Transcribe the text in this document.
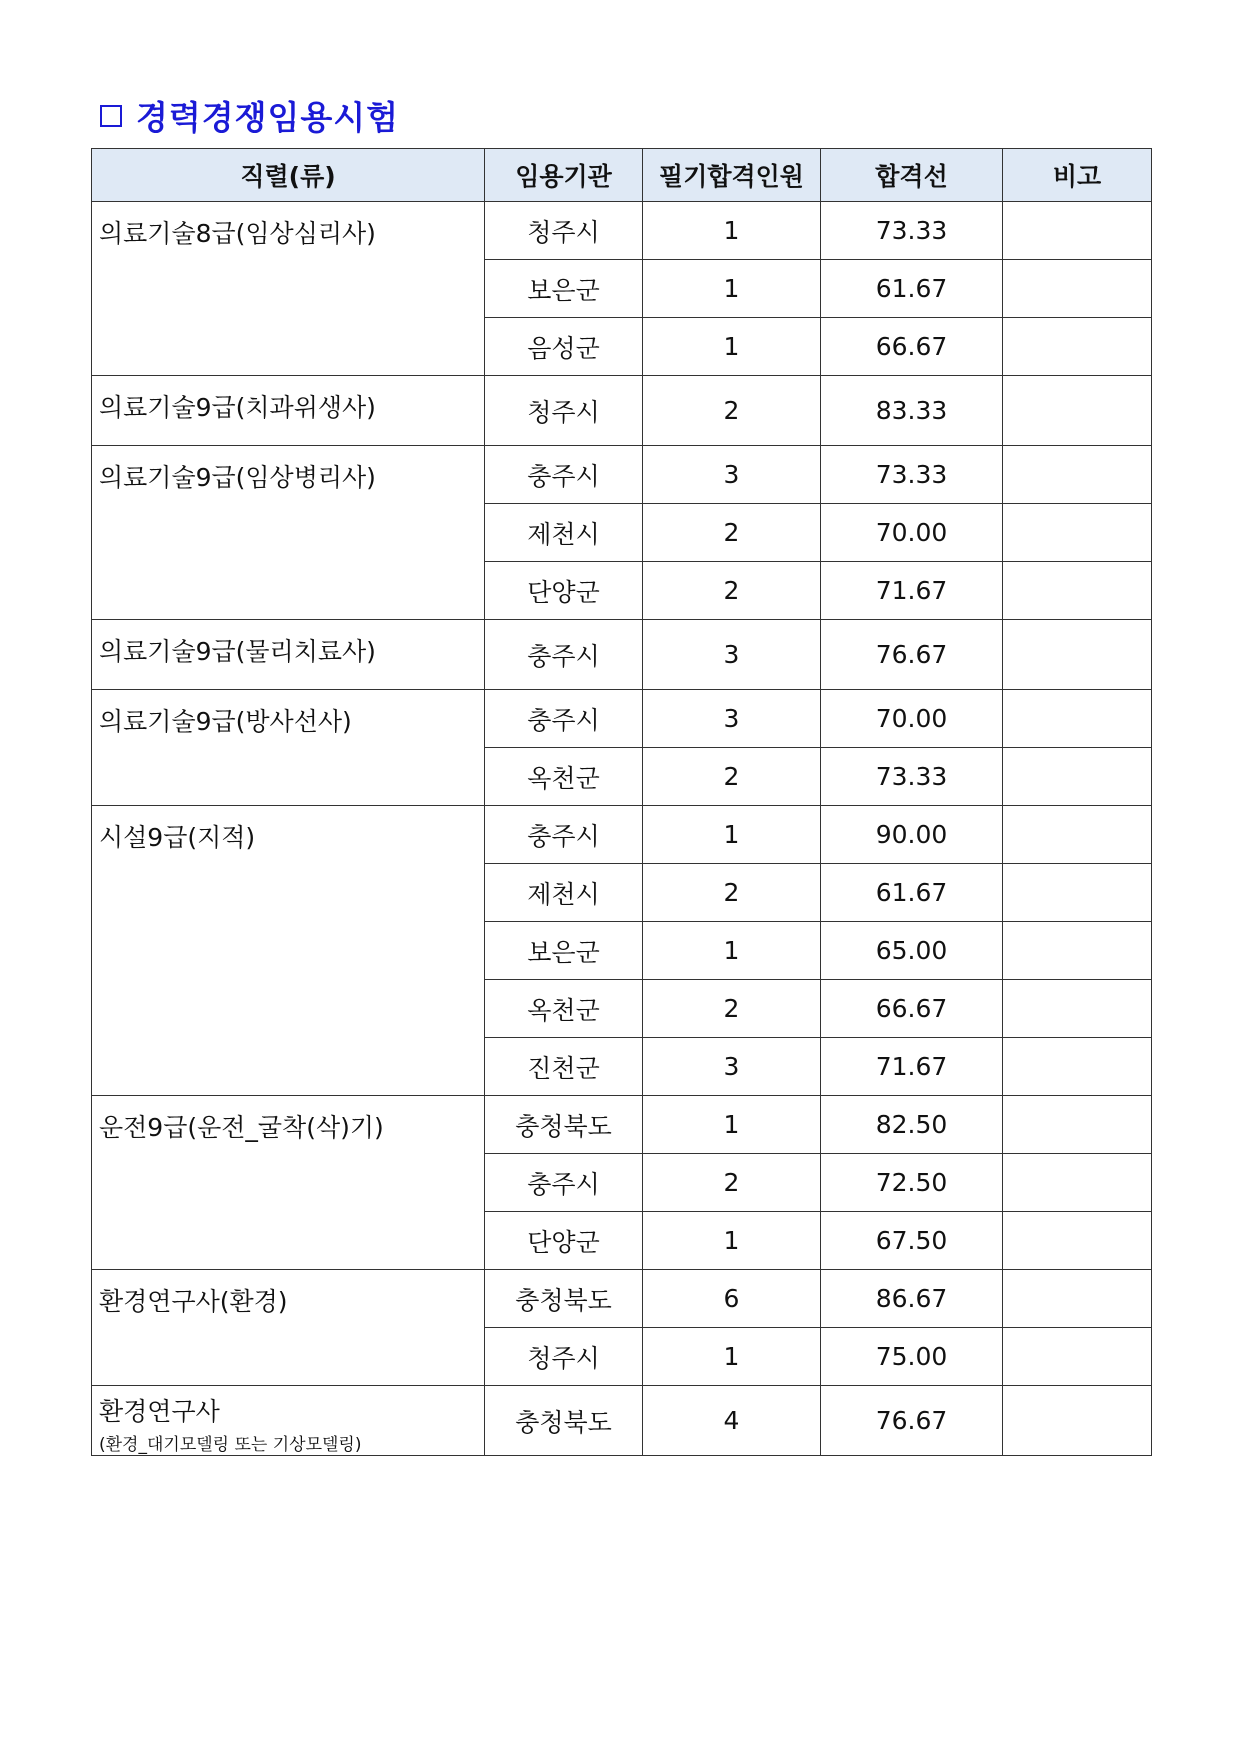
경력경쟁임용시험
직렬(류)	임용기관	필기합격인원	합격선	비고
의료기술8급(임상심리사)	청주시	1	73.33	
	보은군	1	61.67	
	음성군	1	66.67	
의료기술9급(치과위생사)	청주시	2	83.33	
의료기술9급(임상병리사)	충주시	3	73.33	
	제천시	2	70.00	
	단양군	2	71.67	
의료기술9급(물리치료사)	충주시	3	76.67	
의료기술9급(방사선사)	충주시	3	70.00	
	옥천군	2	73.33	
시설9급(지적)	충주시	1	90.00	
	제천시	2	61.67	
	보은군	1	65.00	
	옥천군	2	66.67	
	진천군	3	71.67	
운전9급(운전_굴착(삭)기)	충청북도	1	82.50	
	충주시	2	72.50	
	단양군	1	67.50	
환경연구사(환경)	충청북도	6	86.67	
	청주시	1	75.00	
환경연구사
(환경_대기모델링 또는 기상모델링)	충청북도	4	76.67	
